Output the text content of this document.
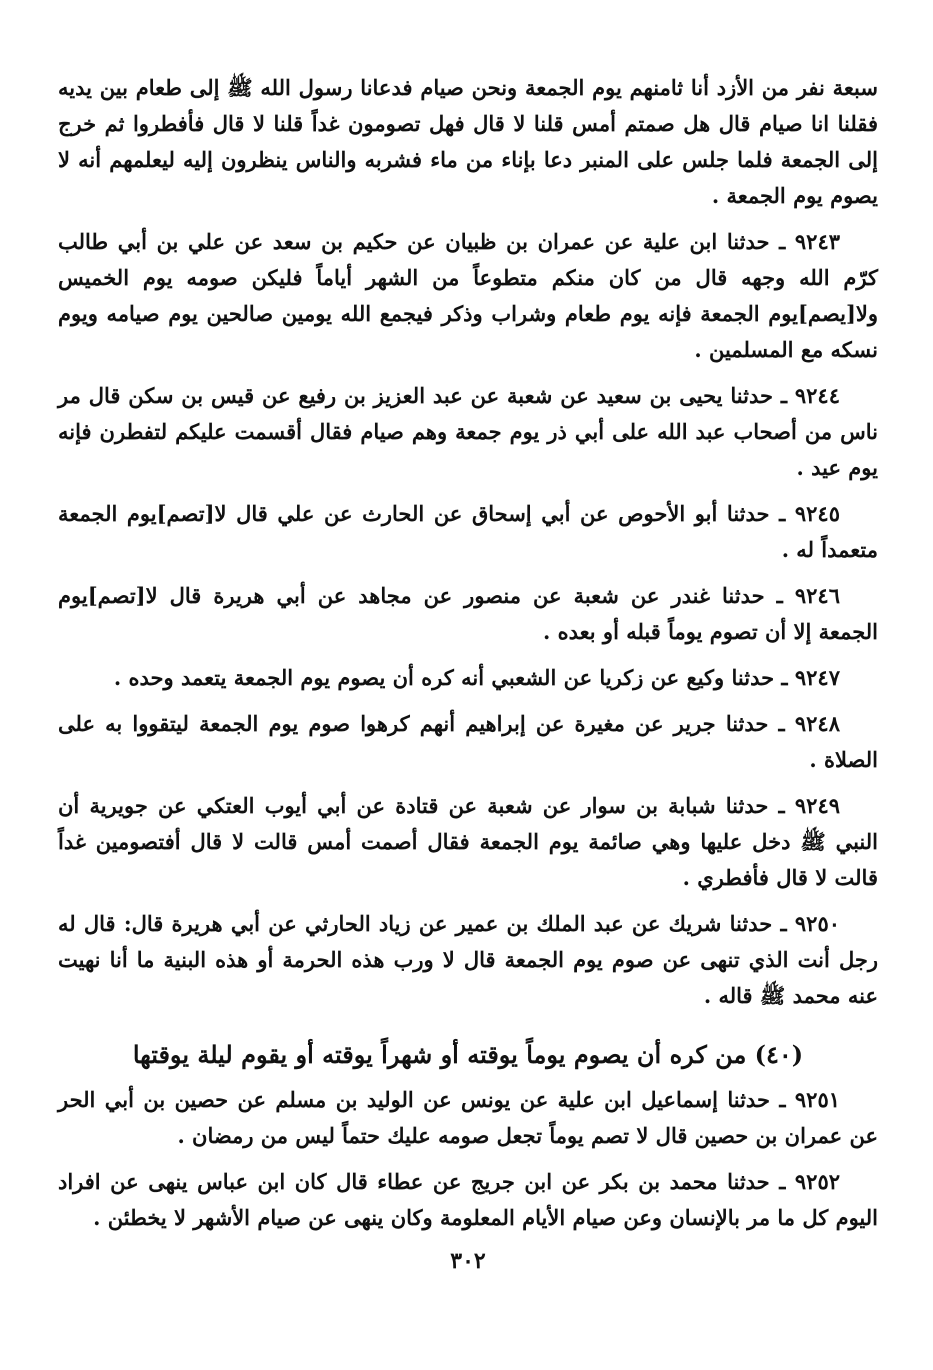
سبعة نفر من الأزد أنا ثامنهم يوم الجمعة ونحن صيام فدعانا رسول الله ﷺ إلى طعام بين يديه فقلنا انا صيام قال هل صمتم أمس قلنا لا قال فهل تصومون غداً قلنا لا قال فأفطروا ثم خرج إلى الجمعة فلما جلس على المنبر دعا بإناء من ماء فشربه والناس ينظرون إليه ليعلمهم أنه لا يصوم يوم الجمعة .

٩٢٤٣ ـ حدثنا ابن علية عن عمران بن ظبيان عن حكيم بن سعد عن علي بن أبي طالب كرّم الله وجهه قال من كان منكم متطوعاً من الشهر أياماً فليكن صومه يوم الخميس ولا[يصم]يوم الجمعة فإنه يوم طعام وشراب وذكر فيجمع الله يومين صالحين يوم صيامه ويوم نسكه مع المسلمين .

٩٢٤٤ ـ حدثنا يحيى بن سعيد عن شعبة عن عبد العزيز بن رفيع عن قيس بن سكن قال مر ناس من أصحاب عبد الله على أبي ذر يوم جمعة وهم صيام فقال أقسمت عليكم لتفطرن فإنه يوم عيد .

٩٢٤٥ ـ حدثنا أبو الأحوص عن أبي إسحاق عن الحارث عن علي قال لا[تصم]يوم الجمعة متعمداً له .

٩٢٤٦ ـ حدثنا غندر عن شعبة عن منصور عن مجاهد عن أبي هريرة قال لا[تصم]يوم الجمعة إلا أن تصوم يوماً قبله أو بعده .

٩٢٤٧ ـ حدثنا وكيع عن زكريا عن الشعبي أنه كره أن يصوم يوم الجمعة يتعمد وحده .

٩٢٤٨ ـ حدثنا جرير عن مغيرة عن إبراهيم أنهم كرهوا صوم يوم الجمعة ليتقووا به على الصلاة .

٩٢٤٩ ـ حدثنا شبابة بن سوار عن شعبة عن قتادة عن أبي أيوب العتكي عن جويرية أن النبي ﷺ دخل عليها وهي صائمة يوم الجمعة فقال أصمت أمس قالت لا قال أفتصومين غداً قالت لا قال فأفطري .

٩٢٥٠ ـ حدثنا شريك عن عبد الملك بن عمير عن زياد الحارثي عن أبي هريرة قال: قال له رجل أنت الذي تنهى عن صوم يوم الجمعة قال لا ورب هذه الحرمة أو هذه البنية ما أنا نهيت عنه محمد ﷺ قاله .

(٤٠) من كره أن يصوم يوماً يوقته أو شهراً يوقته أو يقوم ليلة يوقتها

٩٢٥١ ـ حدثنا إسماعيل ابن علية عن يونس عن الوليد بن مسلم عن حصين بن أبي الحر عن عمران بن حصين قال لا تصم يوماً تجعل صومه عليك حتماً ليس من رمضان .

٩٢٥٢ ـ حدثنا محمد بن بكر عن ابن جريج عن عطاء قال كان ابن عباس ينهى عن افراد اليوم كل ما مر بالإنسان وعن صيام الأيام المعلومة وكان ينهى عن صيام الأشهر لا يخطئن .

٣٠٢
